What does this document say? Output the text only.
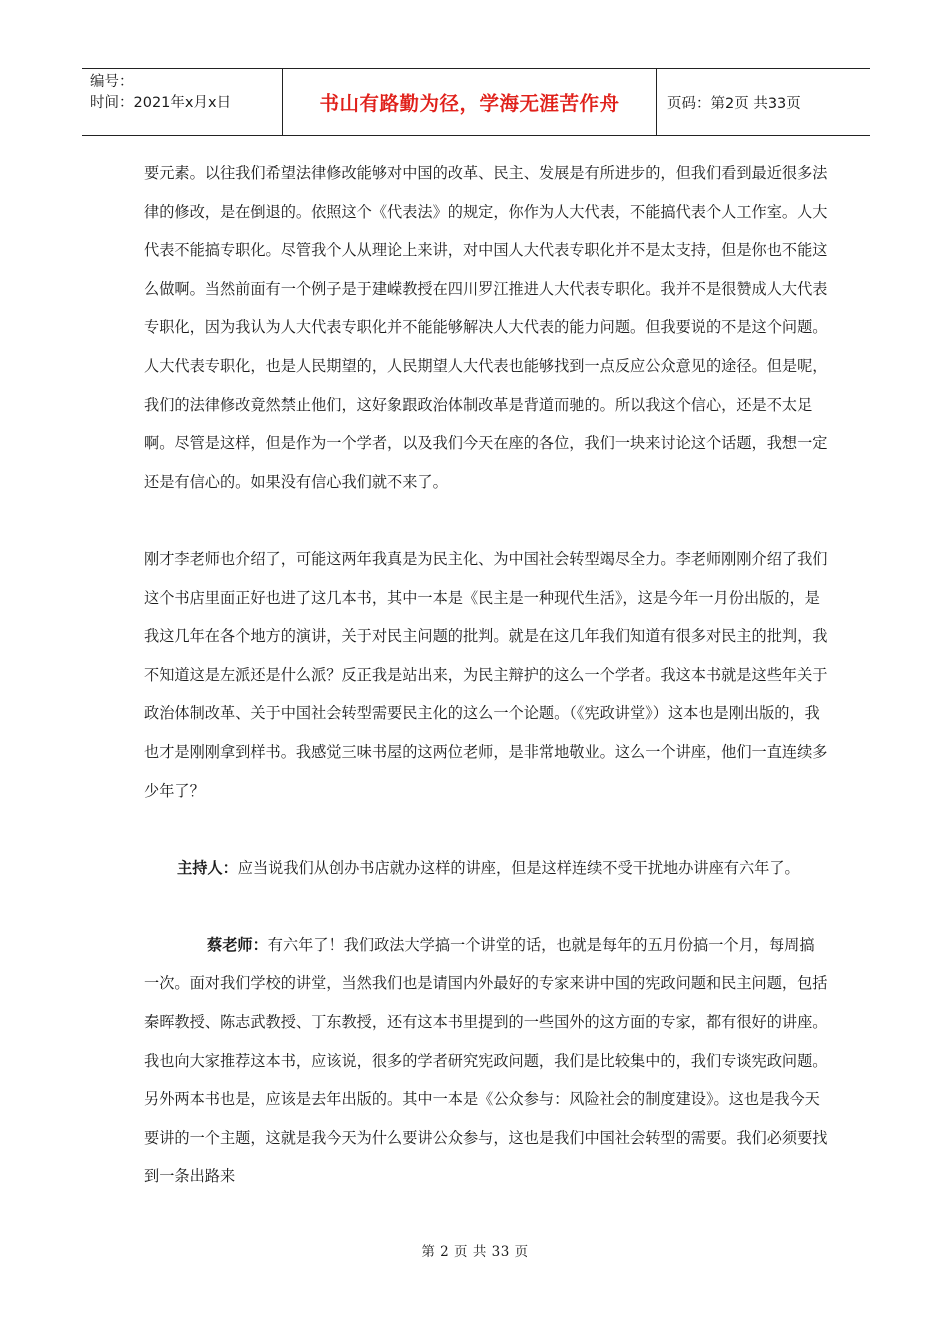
编号：
时间：2021年x月x日	书山有路勤为径，学海无涯苦作舟	页码：第2页 共33页

要元素。以往我们希望法律修改能够对中国的改革、民主、发展是有所进步的，但我们看到最近很多法律的修改，是在倒退的。依照这个《代表法》的规定，你作为人大代表，不能搞代表个人工作室。人大代表不能搞专职化。尽管我个人从理论上来讲，对中国人大代表专职化并不是太支持，但是你也不能这么做啊。当然前面有一个例子是于建嵘教授在四川罗江推进人大代表专职化。我并不是很赞成人大代表专职化，因为我认为人大代表专职化并不能能够解决人大代表的能力问题。但我要说的不是这个问题。人大代表专职化，也是人民期望的，人民期望人大代表也能够找到一点反应公众意见的途径。但是呢，我们的法律修改竟然禁止他们，这好象跟政治体制改革是背道而驰的。所以我这个信心，还是不太足啊。尽管是这样，但是作为一个学者，以及我们今天在座的各位，我们一块来讨论这个话题，我想一定还是有信心的。如果没有信心我们就不来了。

刚才李老师也介绍了，可能这两年我真是为民主化、为中国社会转型竭尽全力。李老师刚刚介绍了我们这个书店里面正好也进了这几本书，其中一本是《民主是一种现代生活》，这是今年一月份出版的，是我这几年在各个地方的演讲，关于对民主问题的批判。就是在这几年我们知道有很多对民主的批判，我不知道这是左派还是什么派？反正我是站出来，为民主辩护的这么一个学者。我这本书就是这些年关于政治体制改革、关于中国社会转型需要民主化的这么一个论题。（《宪政讲堂》）这本也是刚出版的，我也才是刚刚拿到样书。我感觉三味书屋的这两位老师，是非常地敬业。这么一个讲座，他们一直连续多少年了？

主持人：应当说我们从创办书店就办这样的讲座，但是这样连续不受干扰地办讲座有六年了。

蔡老师：有六年了！我们政法大学搞一个讲堂的话，也就是每年的五月份搞一个月，每周搞一次。面对我们学校的讲堂，当然我们也是请国内外最好的专家来讲中国的宪政问题和民主问题，包括秦晖教授、陈志武教授、丁东教授，还有这本书里提到的一些国外的这方面的专家，都有很好的讲座。我也向大家推荐这本书，应该说，很多的学者研究宪政问题，我们是比较集中的，我们专谈宪政问题。另外两本书也是，应该是去年出版的。其中一本是《公众参与：风险社会的制度建设》。这也是我今天要讲的一个主题，这就是我今天为什么要讲公众参与，这也是我们中国社会转型的需要。我们必须要找到一条出路来

第 2 页 共 33 页
